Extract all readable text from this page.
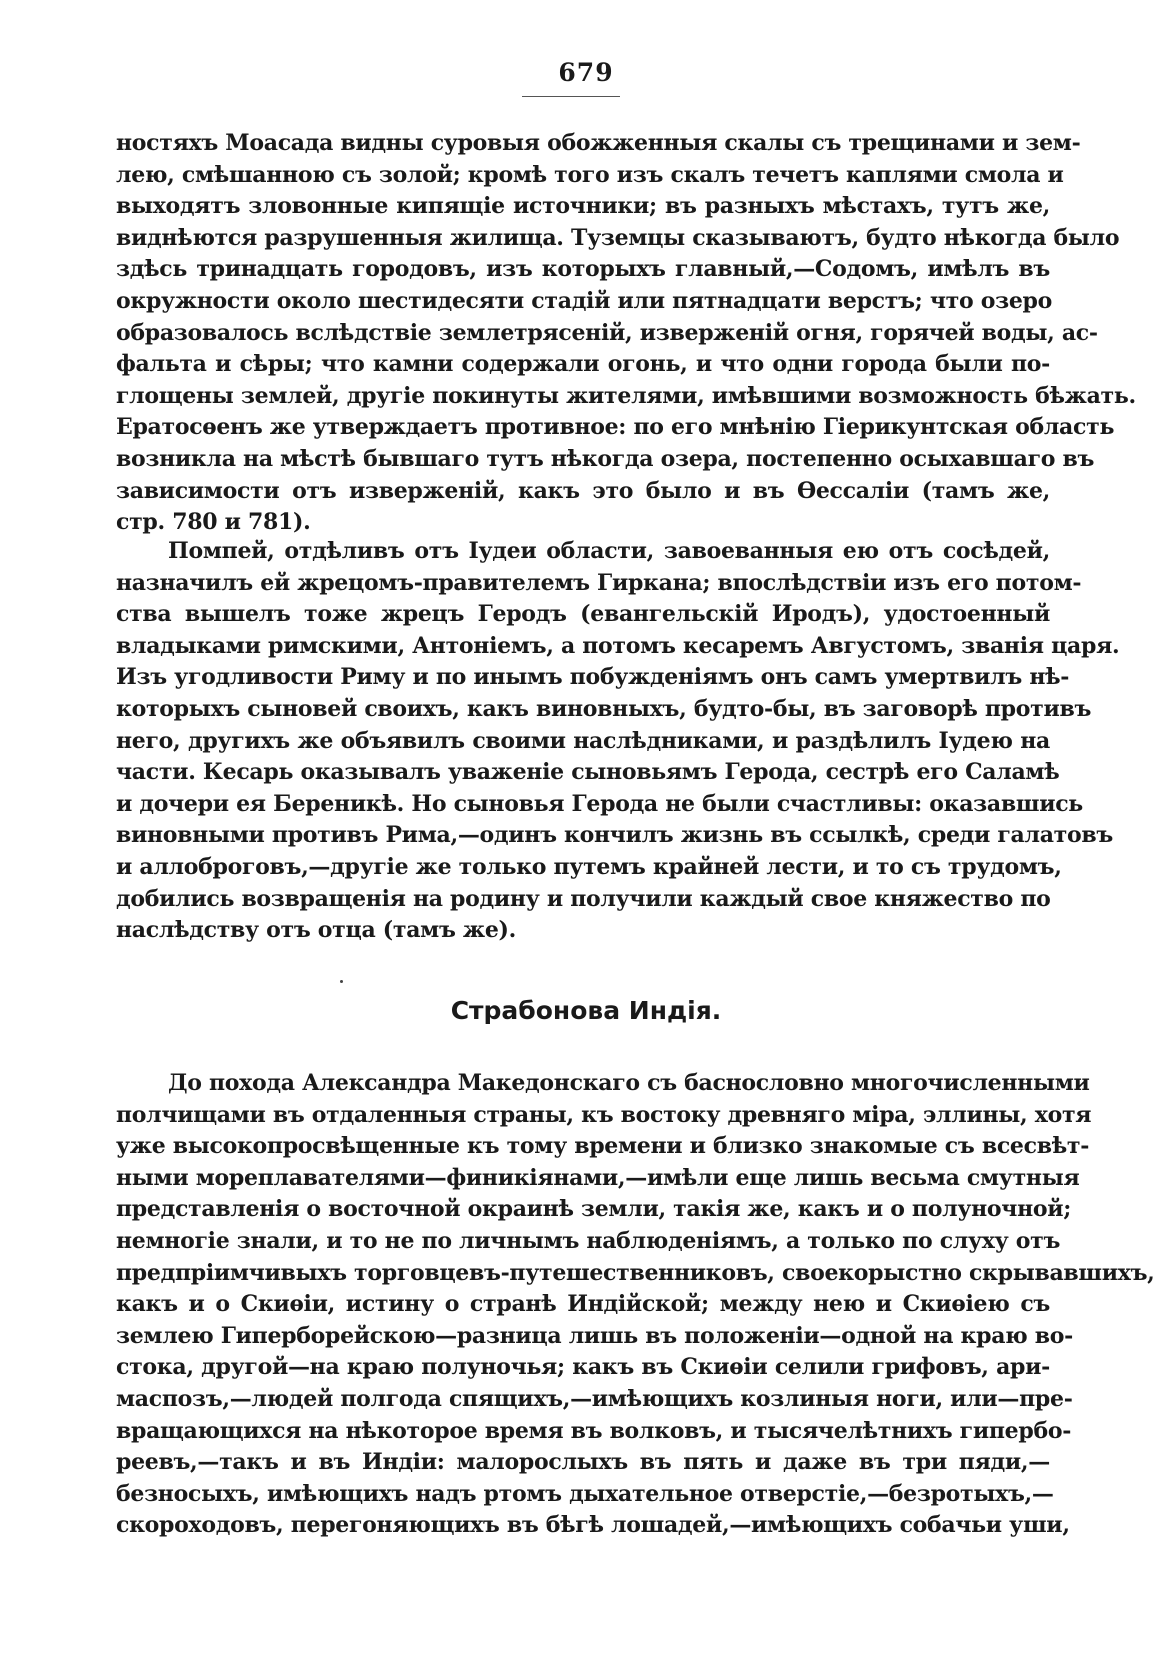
679
ностяхъ Моасада видны суровыя обожженныя скалы съ трещинами и зем-
лею, смѣшанною съ золой; кромѣ того изъ скалъ течетъ каплями смола и
выходятъ зловонные кипящіе источники; въ разныхъ мѣстахъ, тутъ же,
виднѣются разрушенныя жилища. Туземцы сказываютъ, будто нѣкогда было
здѣсь тринадцать городовъ, изъ которыхъ главный,—Содомъ, имѣлъ въ
окружности около шестидесяти стадій или пятнадцати верстъ; что озеро
образовалось вслѣдствіе землетрясеній, изверженій огня, горячей воды, ас-
фальта и сѣры; что камни содержали огонь, и что одни города были по-
глощены землей, другіе покинуты жителями, имѣвшими возможность бѣжать.
Ератосѳенъ же утверждаетъ противное: по его мнѣнію Гіерикунтская область
возникла на мѣстѣ бывшаго тутъ нѣкогда озера, постепенно осыхавшаго въ
зависимости отъ изверженій, какъ это было и въ Ѳессаліи (тамъ же,
стр. 780 и 781).
Помпей, отдѣливъ отъ Іудеи области, завоеванныя ею отъ сосѣдей,
назначилъ ей жрецомъ-правителемъ Гиркана; впослѣдствіи изъ его потом-
ства вышелъ тоже жрецъ Геродъ (евангельскій Иродъ), удостоенный
владыками римскими, Антоніемъ, а потомъ кесаремъ Августомъ, званія царя.
Изъ угодливости Риму и по инымъ побужденіямъ онъ самъ умертвилъ нѣ-
которыхъ сыновей своихъ, какъ виновныхъ, будто-бы, въ заговорѣ противъ
него, другихъ же объявилъ своими наслѣдниками, и раздѣлилъ Іудею на
части. Кесарь оказывалъ уваженіе сыновьямъ Герода, сестрѣ его Саламѣ
и дочери ея Береникѣ. Но сыновья Герода не были счастливы: оказавшись
виновными противъ Рима,—одинъ кончилъ жизнь въ ссылкѣ, среди галатовъ
и аллоброговъ,—другіе же только путемъ крайней лести, и то съ трудомъ,
добились возвращенія на родину и получили каждый свое княжество по
наслѣдству отъ отца (тамъ же).
Страбонова Индія.
До похода Александра Македонскаго съ баснословно многочисленными
полчищами въ отдаленныя страны, къ востоку древняго міра, эллины, хотя
уже высокопросвѣщенные къ тому времени и близко знакомые съ всесвѣт-
ными мореплавателями—финикіянами,—имѣли еще лишь весьма смутныя
представленія о восточной окраинѣ земли, такія же, какъ и о полуночной;
немногіе знали, и то не по личнымъ наблюденіямъ, а только по слуху отъ
предпріимчивыхъ торговцевъ-путешественниковъ, своекорыстно скрывавшихъ,
какъ и о Скиѳіи, истину о странѣ Индійской; между нею и Скиѳіею съ
землею Гиперборейскою—разница лишь въ положеніи—одной на краю во-
стока, другой—на краю полуночья; какъ въ Скиѳіи селили грифовъ, ари-
маспозъ,—людей полгода спящихъ,—имѣющихъ козлиныя ноги, или—пре-
вращающихся на нѣкоторое время въ волковъ, и тысячелѣтнихъ гипербо-
реевъ,—такъ и въ Индіи: малорослыхъ въ пять и даже въ три пяди,—
безносыхъ, имѣющихъ надъ ртомъ дыхательное отверстіе,—безротыхъ,—
скороходовъ, перегоняющихъ въ бѣгѣ лошадей,—имѣющихъ собачьи уши,
